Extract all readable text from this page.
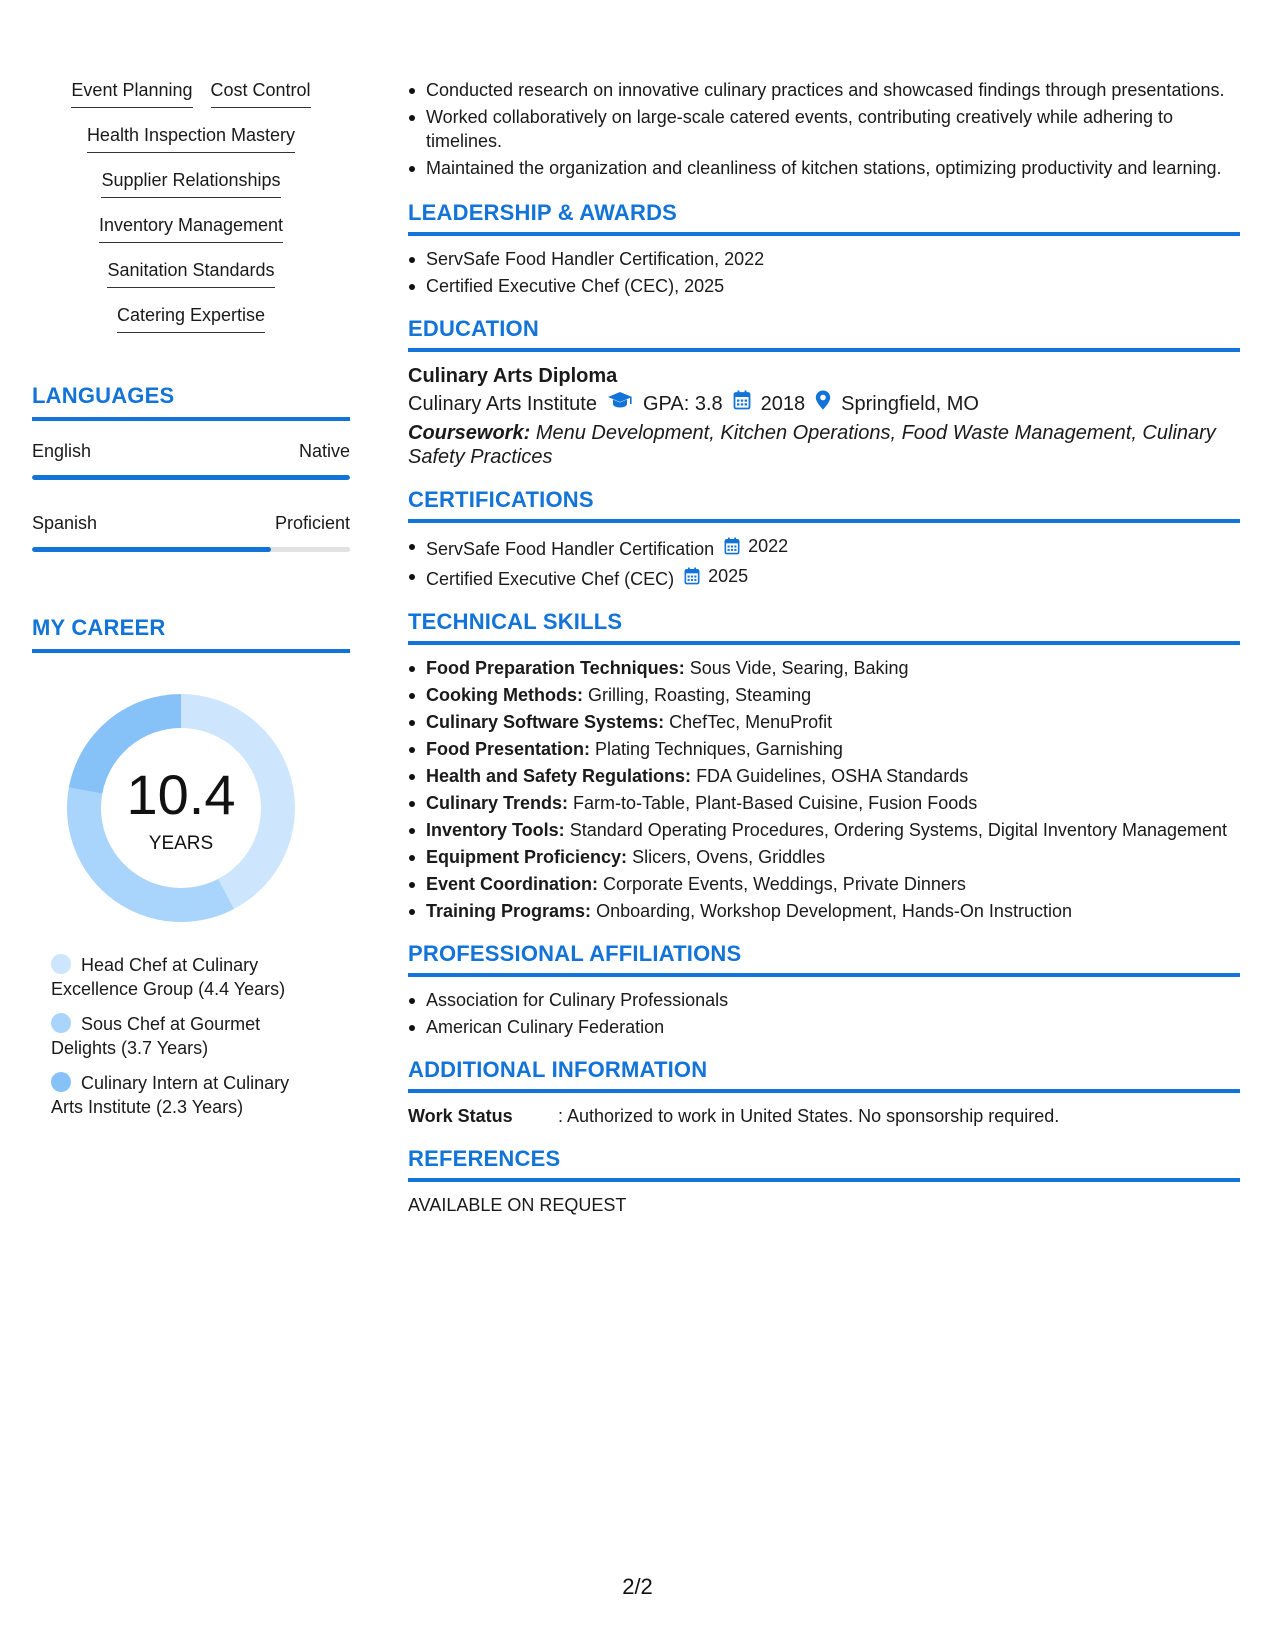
Event Planning Cost Control
Health Inspection Mastery
Supplier Relationships
Inventory Management
Sanitation Standards
Catering Expertise
LANGUAGES
English	Native
Spanish	Proficient
MY CAREER
10.4
YEARS
Head Chef at Culinary Excellence Group (4.4 Years)
Sous Chef at Gourmet Delights (3.7 Years)
Culinary Intern at Culinary Arts Institute (2.3 Years)
Conducted research on innovative culinary practices and showcased findings through presentations.
Worked collaboratively on large-scale catered events, contributing creatively while adhering to timelines.
Maintained the organization and cleanliness of kitchen stations, optimizing productivity and learning.
LEADERSHIP & AWARDS
ServSafe Food Handler Certification, 2022
Certified Executive Chef (CEC), 2025
EDUCATION
Culinary Arts Diploma
Culinary Arts Institute GPA: 3.8 2018 Springfield, MO
Coursework: Menu Development, Kitchen Operations, Food Waste Management, Culinary Safety Practices
CERTIFICATIONS
ServSafe Food Handler Certification 2022
Certified Executive Chef (CEC) 2025
TECHNICAL SKILLS
Food Preparation Techniques: Sous Vide, Searing, Baking
Cooking Methods: Grilling, Roasting, Steaming
Culinary Software Systems: ChefTec, MenuProfit
Food Presentation: Plating Techniques, Garnishing
Health and Safety Regulations: FDA Guidelines, OSHA Standards
Culinary Trends: Farm-to-Table, Plant-Based Cuisine, Fusion Foods
Inventory Tools: Standard Operating Procedures, Ordering Systems, Digital Inventory Management
Equipment Proficiency: Slicers, Ovens, Griddles
Event Coordination: Corporate Events, Weddings, Private Dinners
Training Programs: Onboarding, Workshop Development, Hands-On Instruction
PROFESSIONAL AFFILIATIONS
Association for Culinary Professionals
American Culinary Federation
ADDITIONAL INFORMATION
Work Status	: Authorized to work in United States. No sponsorship required.
REFERENCES
AVAILABLE ON REQUEST
2/2
